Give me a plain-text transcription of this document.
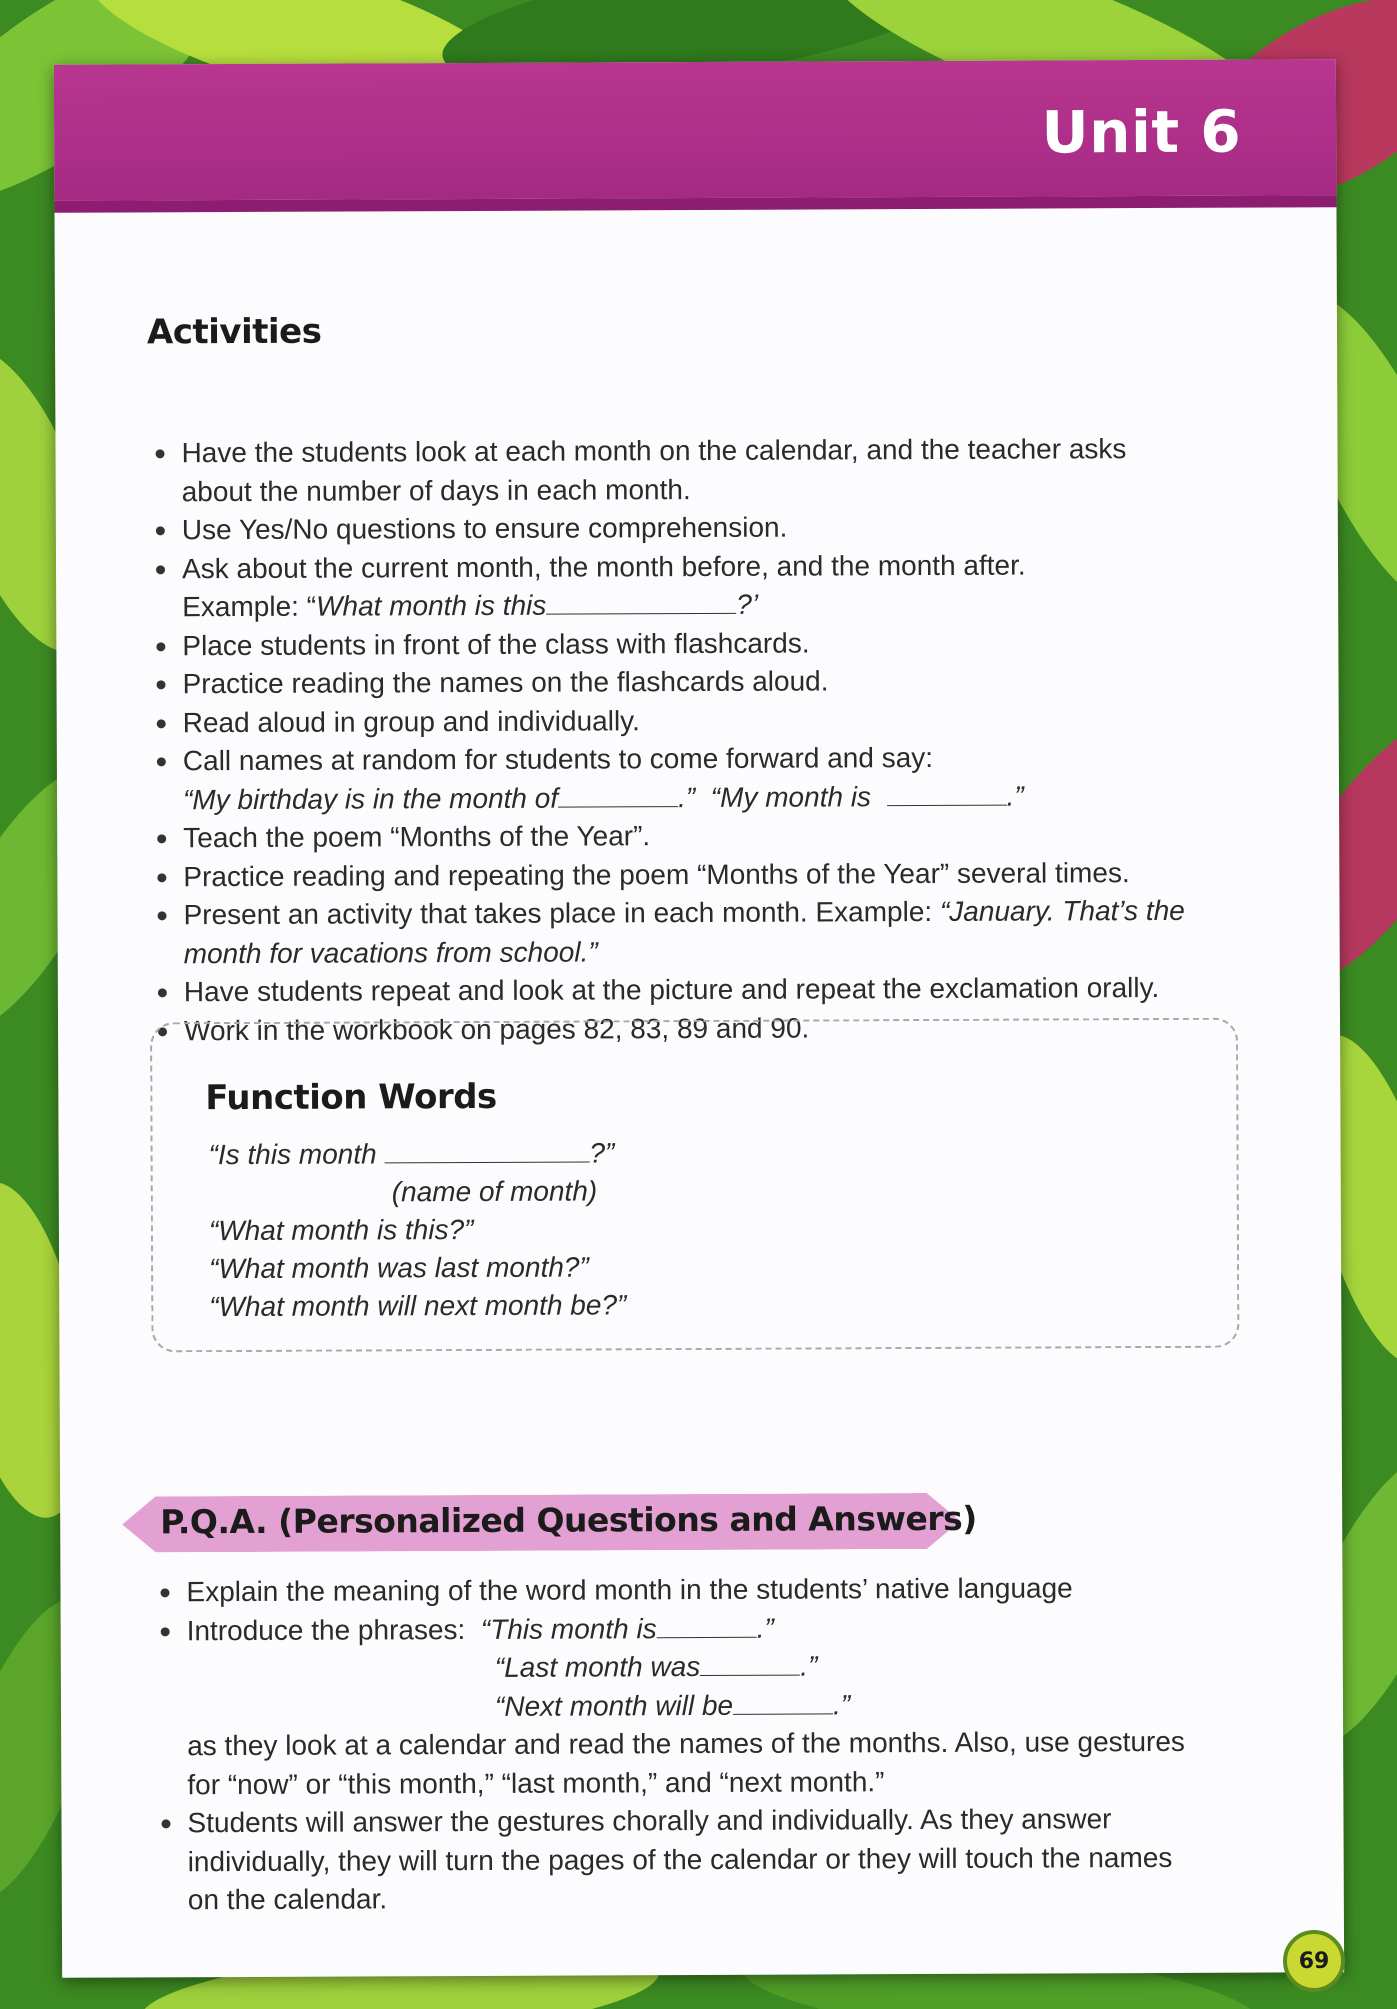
Unit 6
Activities
Have the students look at each month on the calendar, and the teacher asks
about the number of days in each month.
Use Yes/No questions to ensure comprehension.
Ask about the current month, the month before, and the month after.
Example: “What month is this	?’
Place students in front of the class with flashcards.
Practice reading the names on the flashcards aloud.
Read aloud in group and individually.
Call names at random for students to come forward and say:
“My birthday is in the month of	.” “My month is	.”
Teach the poem “Months of the Year”.
Practice reading and repeating the poem “Months of the Year” several times.
Present an activity that takes place in each month. Example: “January. That’s the
month for vacations from school.”
Have students repeat and look at the picture and repeat the exclamation orally.
Work in the workbook on pages 82, 83, 89 and 90.
Function Words
“Is this month	?”
(name of month)
“What month is this?”
“What month was last month?”
“What month will next month be?”
P.Q.A. (Personalized Questions and Answers)
Explain the meaning of the word month in the students’ native language
Introduce the phrases:  “This month is	.”
“Last month was	.”
“Next month will be	.”
as they look at a calendar and read the names of the months. Also, use gestures
for “now” or “this month,” “last month,” and “next month.”
Students will answer the gestures chorally and individually. As they answer
individually, they will turn the pages of the calendar or they will touch the names
on the calendar.
69
